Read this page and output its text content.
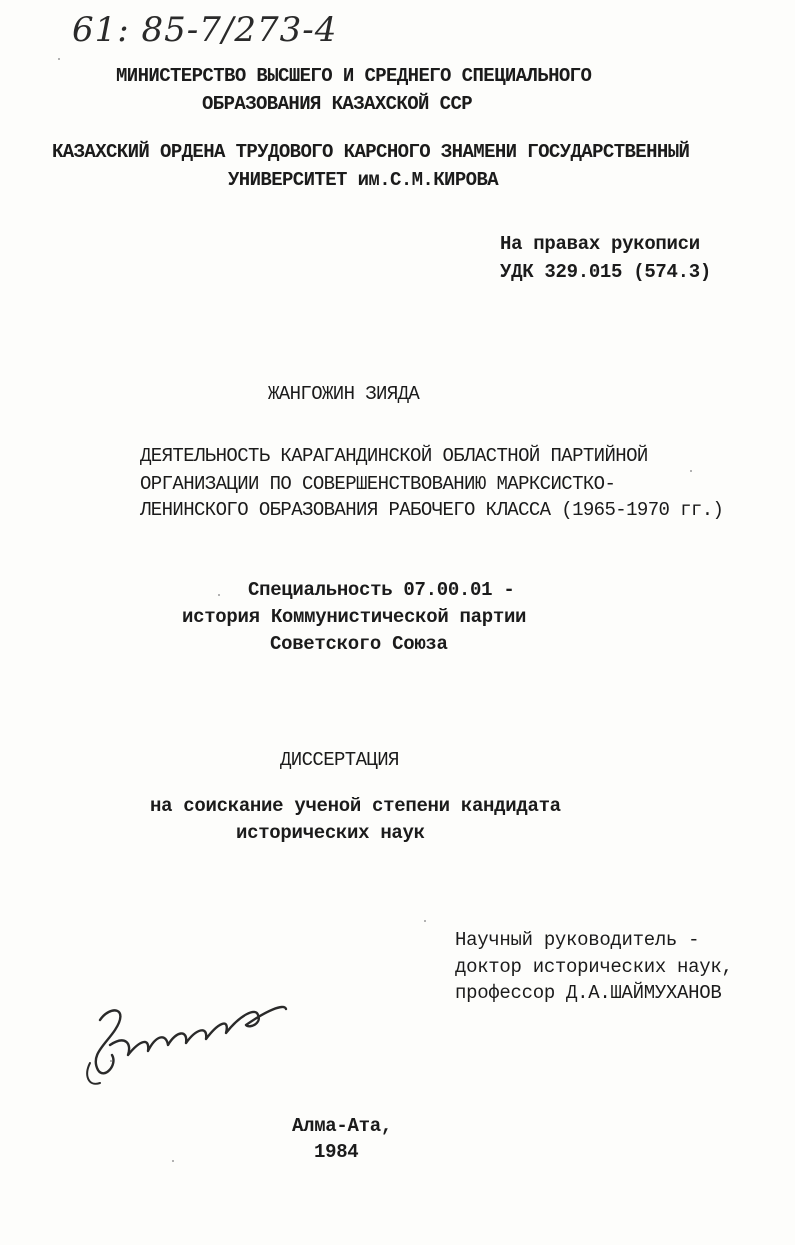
61: 85-7/273-4
МИНИСТЕРСТВО ВЫСШЕГО И СРЕДНЕГО СПЕЦИАЛЬНОГО
ОБРАЗОВАНИЯ КАЗАХСКОЙ ССР
КАЗАХСКИЙ ОРДЕНА ТРУДОВОГО КАРСНОГО ЗНАМЕНИ ГОСУДАРСТВЕННЫЙ
УНИВЕРСИТЕТ им.С.М.КИРОВА
На правах рукописи
УДК 329.015 (574.3)
ЖАНГОЖИН ЗИЯДА
ДЕЯТЕЛЬНОСТЬ КАРАГАНДИНСКОЙ ОБЛАСТНОЙ ПАРТИЙНОЙ
ОРГАНИЗАЦИИ ПО СОВЕРШЕНСТВОВАНИЮ МАРКСИСТКО-
ЛЕНИНСКОГО ОБРАЗОВАНИЯ РАБОЧЕГО КЛАССА (1965-1970 гг.)
Специальность 07.00.01 -
история Коммунистической партии
Советского Союза
ДИССЕРТАЦИЯ
на соискание ученой степени кандидата
исторических наук
Научный руководитель -
доктор исторических наук,
профессор Д.А.ШАЙМУХАНОВ
Алма-Ата,
1984
